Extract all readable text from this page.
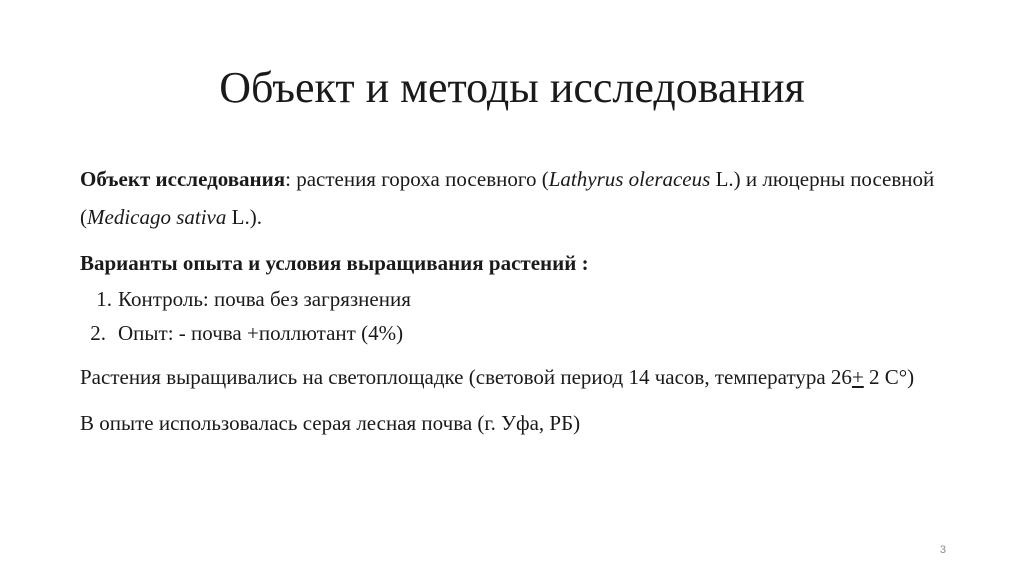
Объект и методы исследования

Объект исследования: растения гороха посевного (Lathyrus oleraceus L.) и люцерны посевной (Medicago sativa L.).

Варианты опыта и условия выращивания растений :

1. Контроль: почва без загрязнения
2. Опыт: - почва +поллютант (4%)

Растения выращивались на светоплощадке (световой период 14 часов, температура 26+ 2 С°)

В опыте использовалась серая лесная почва (г. Уфа, РБ)

3
